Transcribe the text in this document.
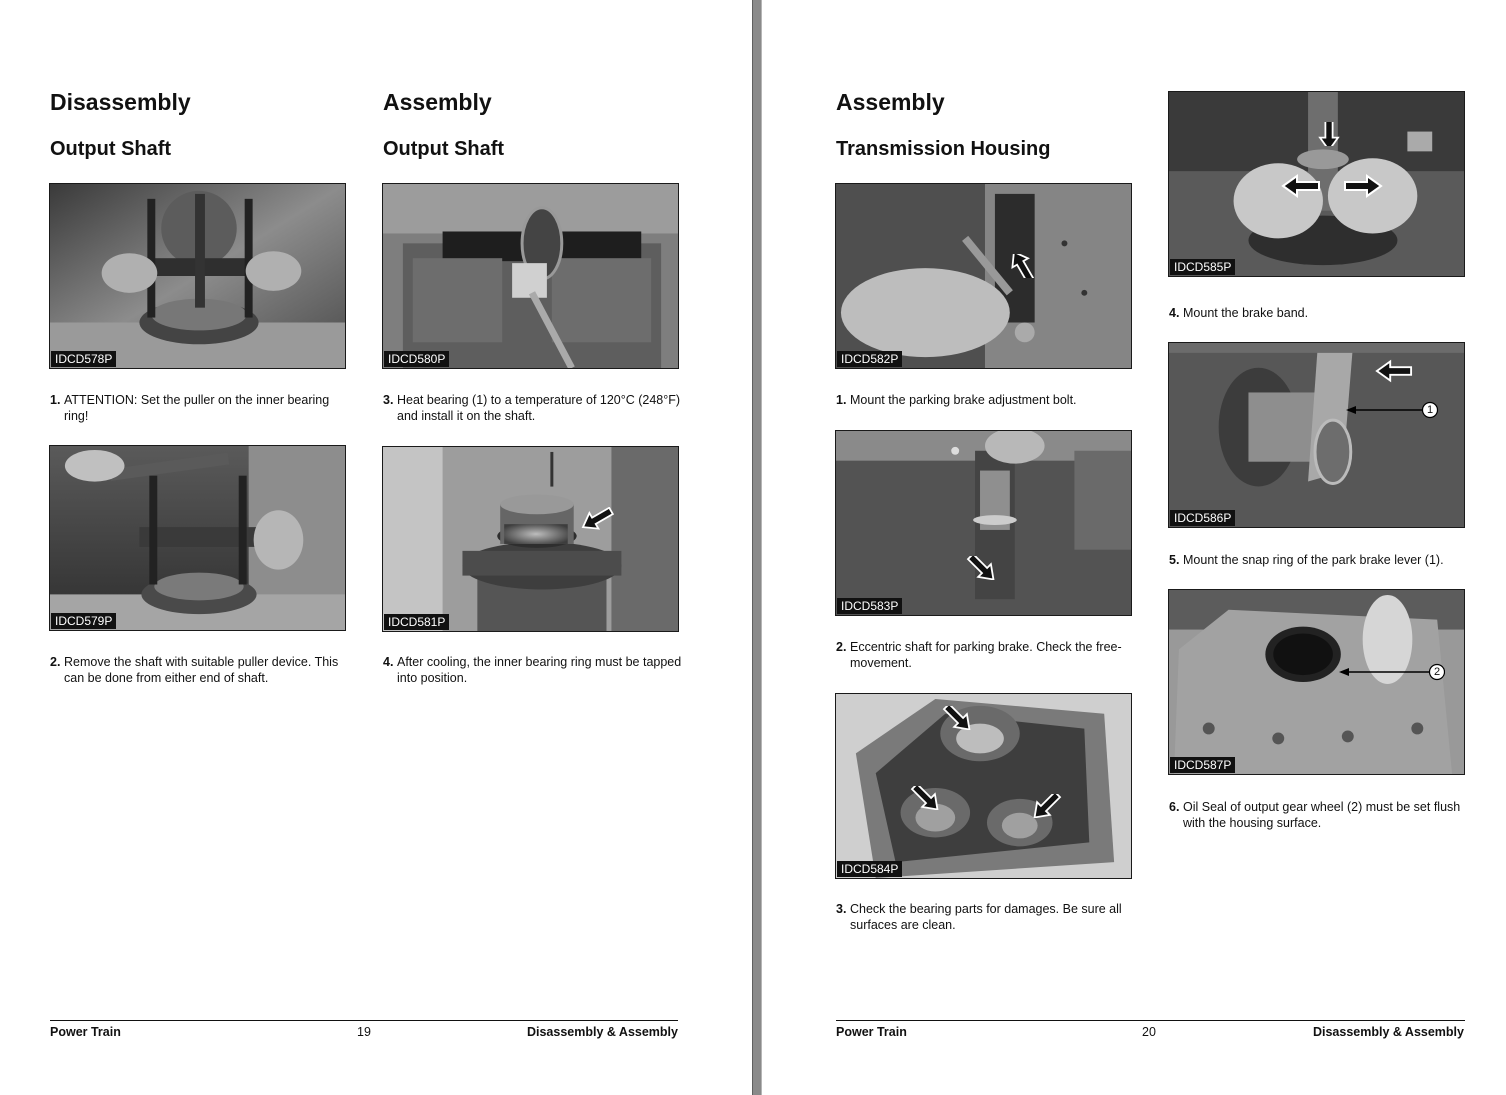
Disassembly
Output Shaft
Assembly
Output Shaft
IDCD578P

1. ATTENTION: Set the puller on the inner bearing ring!

IDCD579P

2. Remove the shaft with suitable puller device. This can be done from either end of shaft.

IDCD580P

3. Heat bearing (1) to a temperature of 120°C (248°F) and install it on the shaft.

IDCD581P

4. After cooling, the inner bearing ring must be tapped into position.

Power Train	19	Disassembly & Assembly
Assembly
Transmission Housing
IDCD582P

1. Mount the parking brake adjustment bolt.

IDCD583P

2. Eccentric shaft for parking brake. Check the free-movement.

IDCD584P

3. Check the bearing parts for damages. Be sure all surfaces are clean.

IDCD585P

4. Mount the brake band.

1
IDCD586P

5. Mount the snap ring of the park brake lever (1).

2
IDCD587P

6. Oil Seal of output gear wheel (2) must be set flush with the housing surface.

Power Train	20	Disassembly & Assembly
